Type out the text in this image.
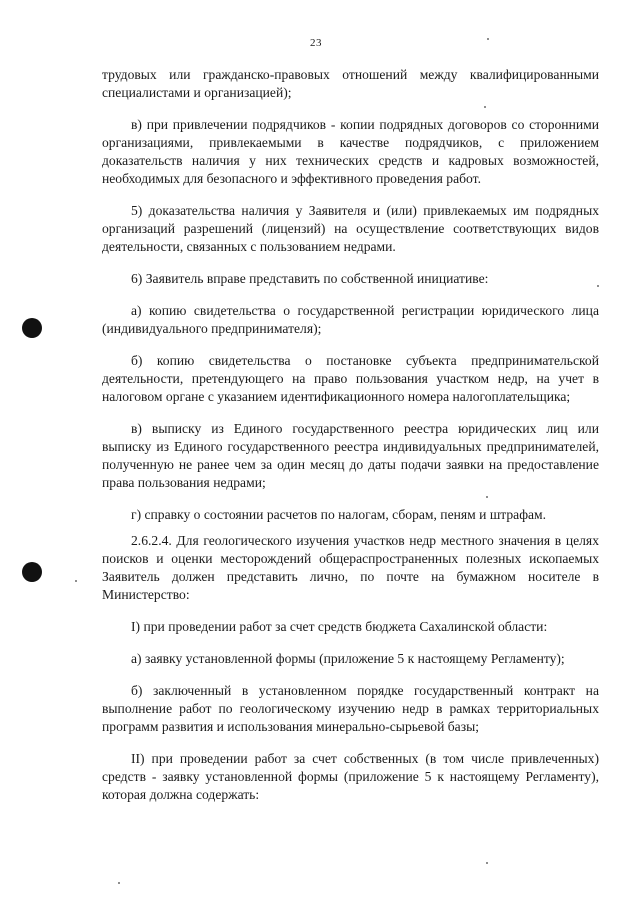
23

трудовых или гражданско-правовых отношений между квалифицированными специалистами и организацией);

в) при привлечении подрядчиков - копии подрядных договоров со сторонними организациями, привлекаемыми в качестве подрядчиков, с приложением доказательств наличия у них технических средств и кадровых возможностей, необходимых для безопасного и эффективного проведения работ.

5) доказательства наличия у Заявителя и (или) привлекаемых им подрядных организаций разрешений (лицензий) на осуществление соответствующих видов деятельности, связанных с пользованием недрами.

6) Заявитель вправе представить по собственной инициативе:

а) копию свидетельства о государственной регистрации юридического лица (индивидуального предпринимателя);

б) копию свидетельства о постановке субъекта предпринимательской деятельности, претендующего на право пользования участком недр, на учет в налоговом органе с указанием идентификационного номера налогоплательщика;

в) выписку из Единого государственного реестра юридических лиц или выписку из Единого государственного реестра индивидуальных предпринимателей, полученную не ранее чем за один месяц до даты подачи заявки на предоставление права пользования недрами;

г) справку о состоянии расчетов по налогам, сборам, пеням и штрафам.

2.6.2.4. Для геологического изучения участков недр местного значения в целях поисков и оценки месторождений общераспространенных полезных ископаемых Заявитель должен представить лично, по почте на бумажном носителе в Министерство:

I) при проведении работ за счет средств бюджета Сахалинской области:

а) заявку установленной формы (приложение 5 к настоящему Регламенту);

б) заключенный в установленном порядке государственный контракт на выполнение работ по геологическому изучению недр в рамках территориальных программ развития и использования минерально-сырьевой базы;

II) при проведении работ за счет собственных (в том числе привлеченных) средств - заявку установленной формы (приложение 5 к настоящему Регламенту), которая должна содержать:
